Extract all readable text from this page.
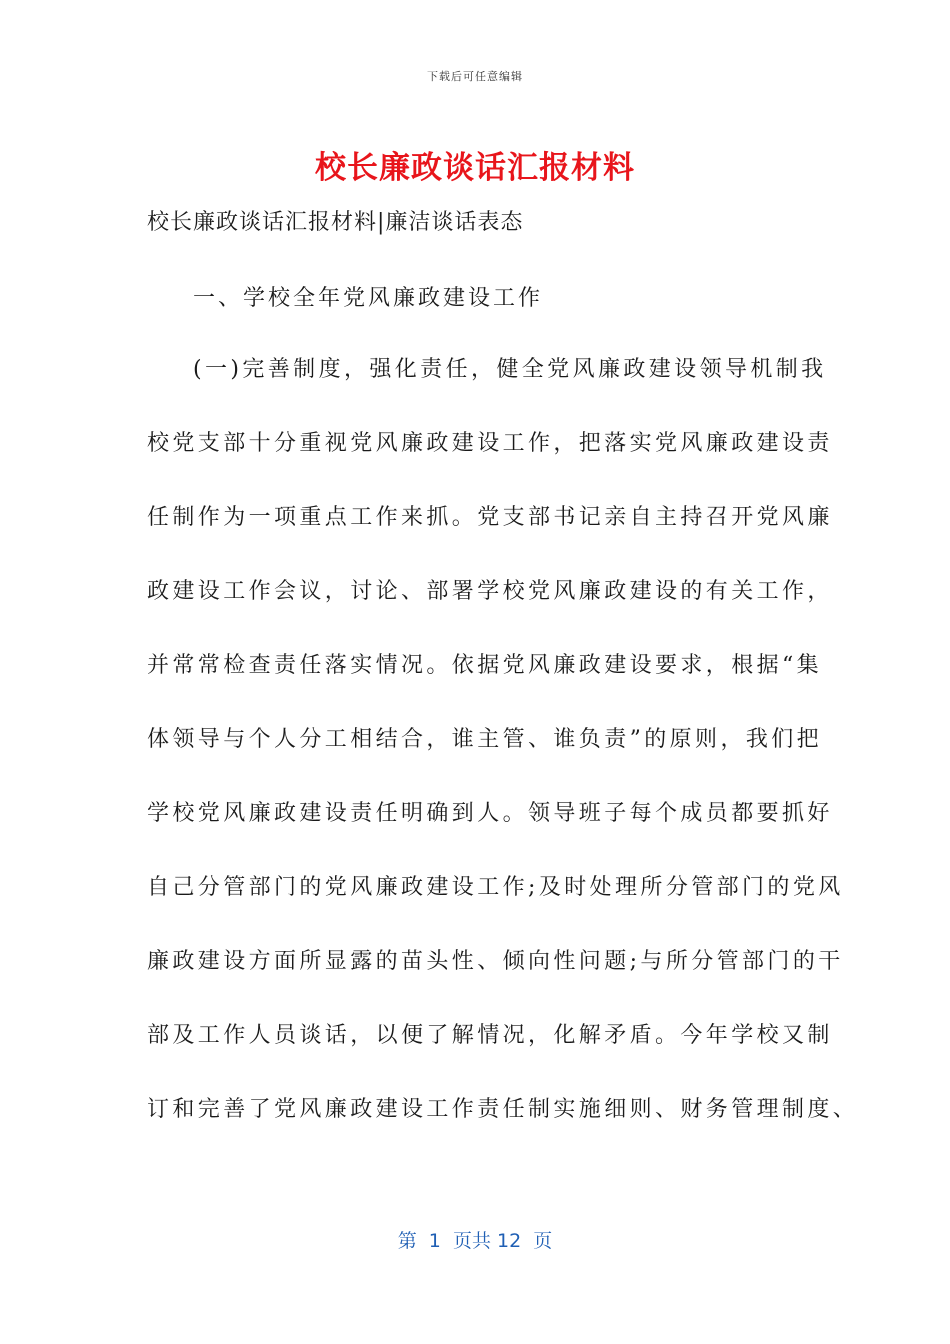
下载后可任意编辑
校长廉政谈话汇报材料
校长廉政谈话汇报材料|廉洁谈话表态
一、学校全年党风廉政建设工作
(一)完善制度，强化责任，健全党风廉政建设领导机制我
校党支部十分重视党风廉政建设工作，把落实党风廉政建设责
任制作为一项重点工作来抓。党支部书记亲自主持召开党风廉
政建设工作会议，讨论、部署学校党风廉政建设的有关工作，
并常常检查责任落实情况。依据党风廉政建设要求，根据“集
体领导与个人分工相结合，谁主管、谁负责”的原则，我们把
学校党风廉政建设责任明确到人。领导班子每个成员都要抓好
自己分管部门的党风廉政建设工作;及时处理所分管部门的党风
廉政建设方面所显露的苗头性、倾向性问题;与所分管部门的干
部及工作人员谈话，以便了解情况，化解矛盾。今年学校又制
订和完善了党风廉政建设工作责任制实施细则、财务管理制度、
第  1  页共 12  页
